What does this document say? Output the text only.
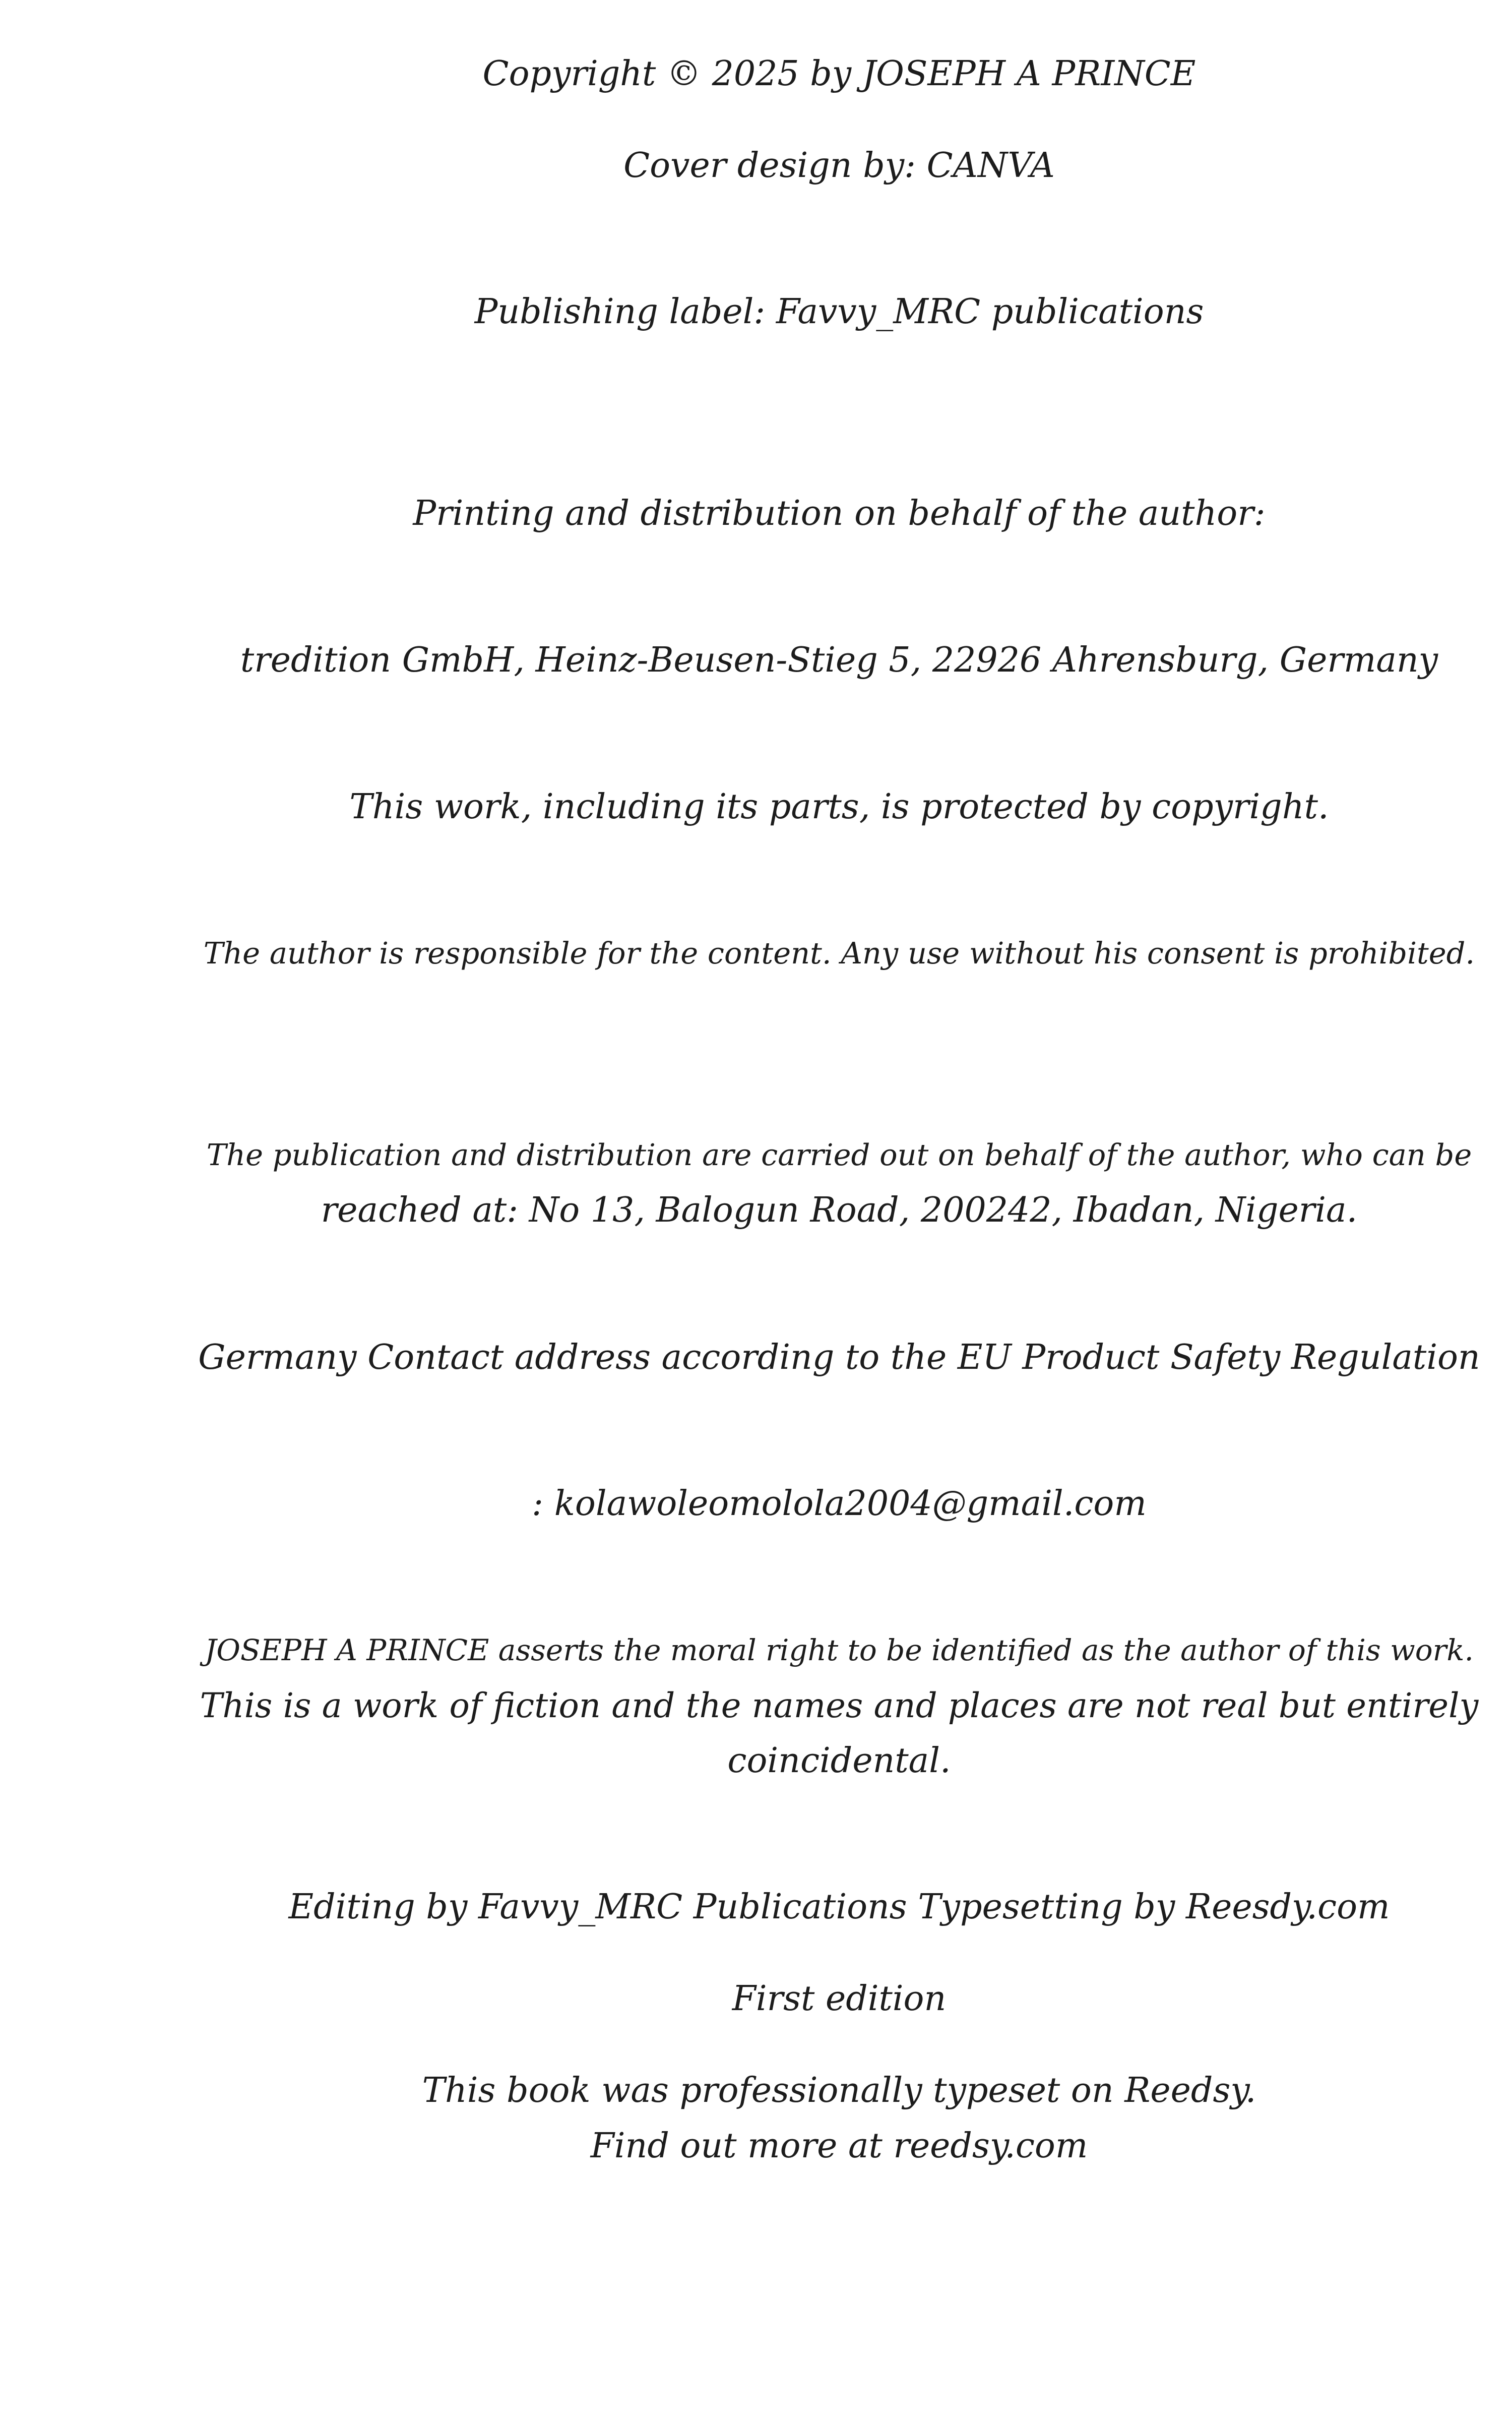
Copyright © 2025 by JOSEPH A PRINCE
Cover design by: CANVA
Publishing label: Favvy_MRC publications
Printing and distribution on behalf of the author:
tredition GmbH, Heinz-Beusen-Stieg 5, 22926 Ahrensburg, Germany
This work, including its parts, is protected by copyright.
The author is responsible for the content. Any use without his consent is prohibited.
The publication and distribution are carried out on behalf of the author, who can be
reached at: No 13, Balogun Road, 200242, Ibadan, Nigeria.
Germany Contact address according to the EU Product Safety Regulation
: kolawoleomolola2004@gmail.com
JOSEPH A PRINCE asserts the moral right to be identified as the author of this work.
This is a work of fiction and the names and places are not real but entirely
coincidental.
Editing by Favvy_MRC Publications Typesetting by Reesdy.com
First edition
This book was professionally typeset on Reedsy.
Find out more at reedsy.com
